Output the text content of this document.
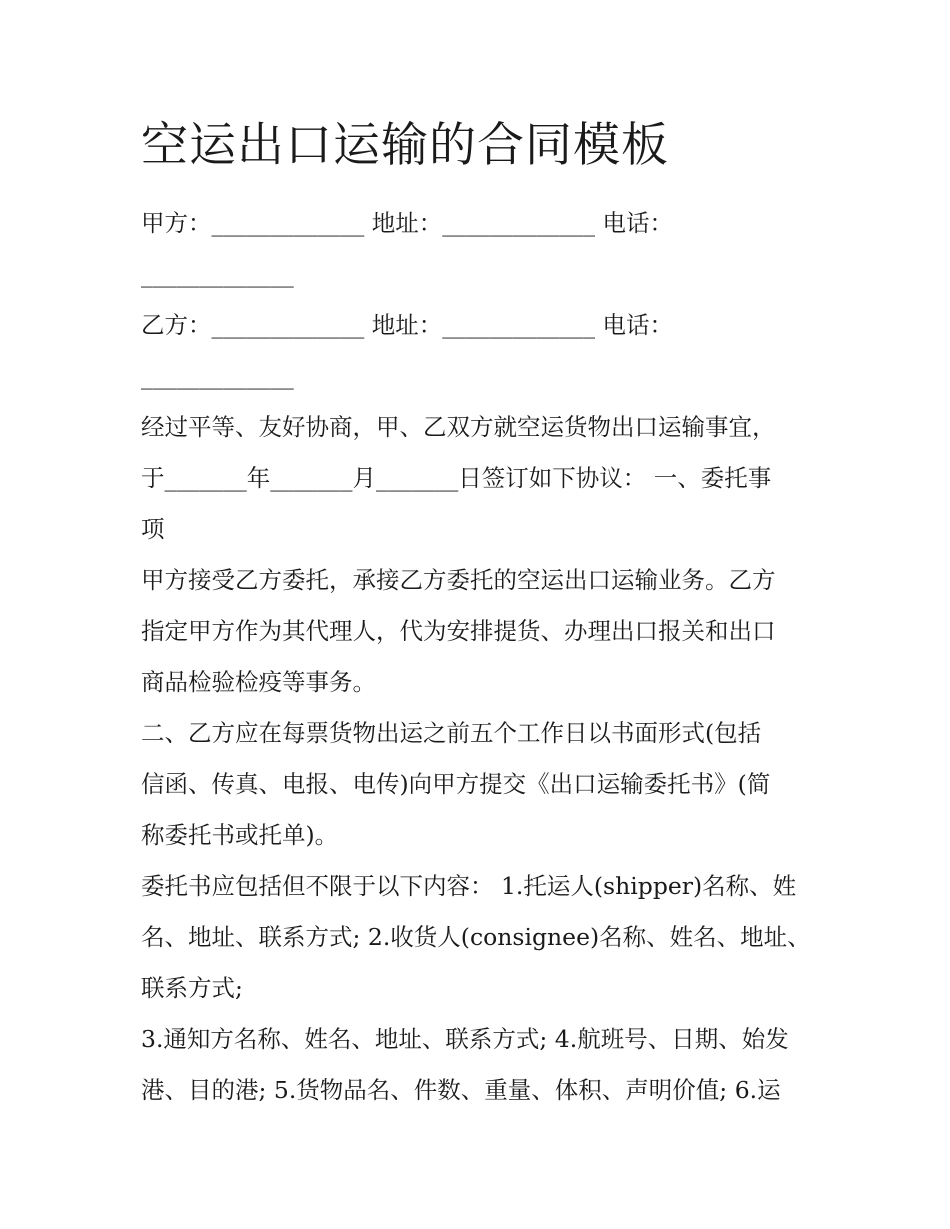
空运出口运输的合同模板
甲方：_____________ 地址：_____________ 电话：
_____________
乙方：_____________ 地址：_____________ 电话：
_____________
经过平等、友好协商，甲、乙双方就空运货物出口运输事宜，
于_______年_______月_______日签订如下协议： 一、委托事
项
甲方接受乙方委托，承接乙方委托的空运出口运输业务。乙方
指定甲方作为其代理人，代为安排提货、办理出口报关和出口
商品检验检疫等事务。
二、乙方应在每票货物出运之前五个工作日以书面形式(包括
信函、传真、电报、电传)向甲方提交《出口运输委托书》(简
称委托书或托单)。
委托书应包括但不限于以下内容： 1.托运人(shipper)名称、姓
名、地址、联系方式; 2.收货人(consignee)名称、姓名、地址、
联系方式;
3.通知方名称、姓名、地址、联系方式; 4.航班号、日期、始发
港、目的港; 5.货物品名、件数、重量、体积、声明价值; 6.运
